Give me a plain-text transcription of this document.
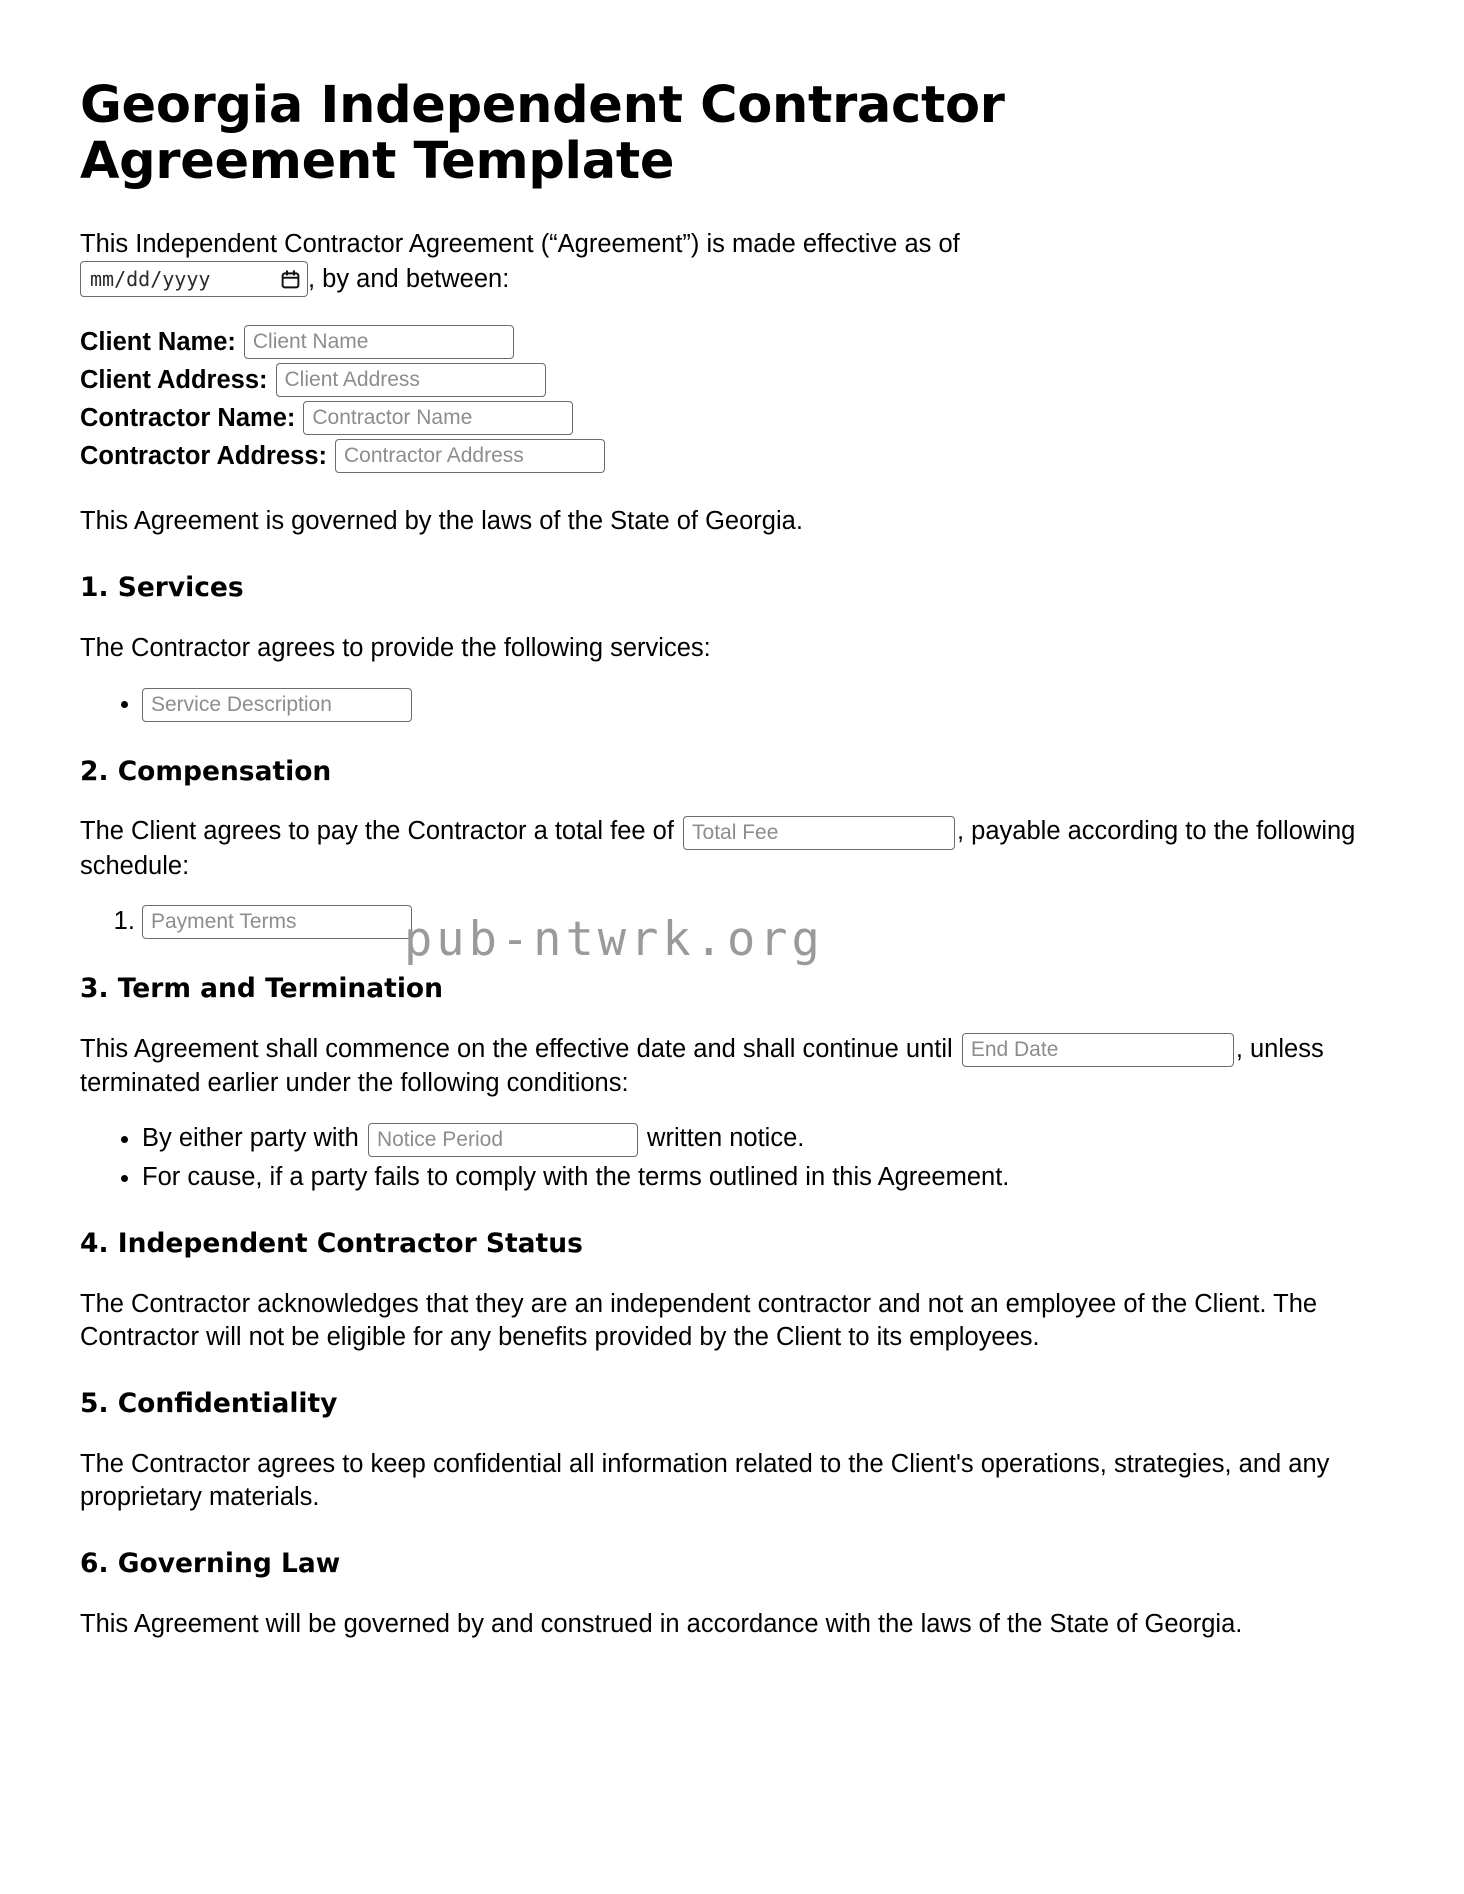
Georgia Independent Contractor Agreement Template

This Independent Contractor Agreement (“Agreement”) is made effective as of

mm/dd/yyyy	, by and between:
Client Name:
Client Name
Client Address:
Client Address
Contractor Name:
Contractor Name
Contractor Address:
Contractor Address

This Agreement is governed by the laws of the State of Georgia.

1. Services

The Contractor agrees to provide the following services:

• Service Description
2. Compensation

The Client agrees to pay the Contractor a total fee of Total Fee	, payable according to the following schedule:

1. Payment Terms
3. Term and Termination

This Agreement shall commence on the effective date and shall continue until End Date	, unless terminated earlier under the following conditions:

• By either party with Notice Period	written notice.
• For cause, if a party fails to comply with the terms outlined in this Agreement.
4. Independent Contractor Status

The Contractor acknowledges that they are an independent contractor and not an employee of the Client. The Contractor will not be eligible for any benefits provided by the Client to its employees.

5. Confidentiality

The Contractor agrees to keep confidential all information related to the Client's operations, strategies, and any proprietary materials.

6. Governing Law

This Agreement will be governed by and construed in accordance with the laws of the State of Georgia.

pub-ntwrk.org
